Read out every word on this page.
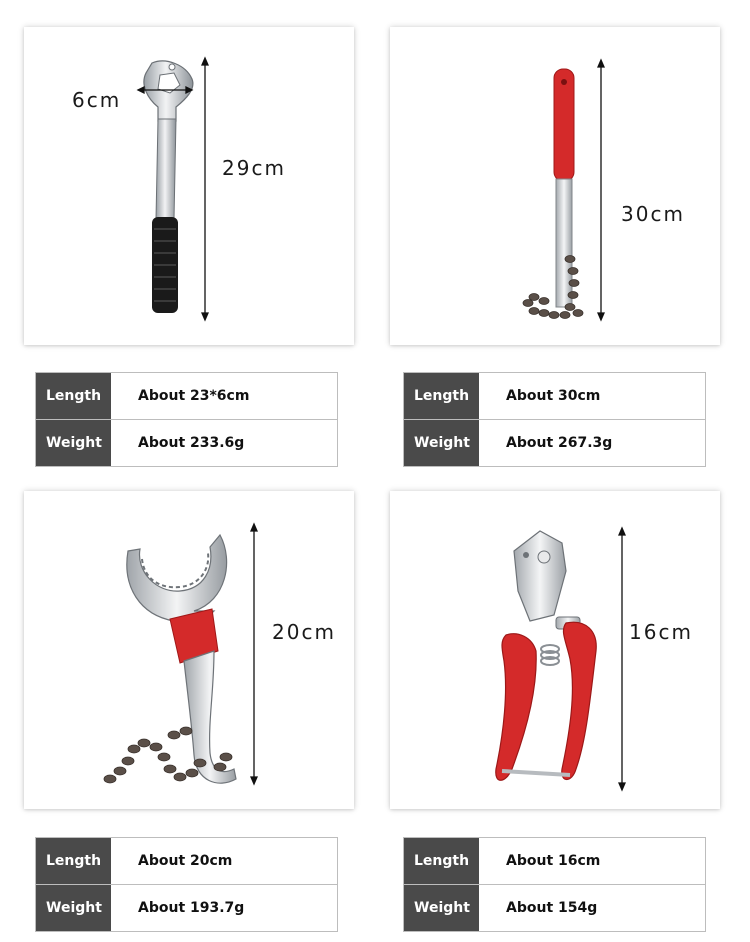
6cm
29cm
30cm
Length	About 23*6cm
Weight	About 233.6g
Length	About 30cm
Weight	About 267.3g
20cm	16cm
Length	About 20cm
Weight	About 193.7g
Length	About 16cm
Weight	About 154g
